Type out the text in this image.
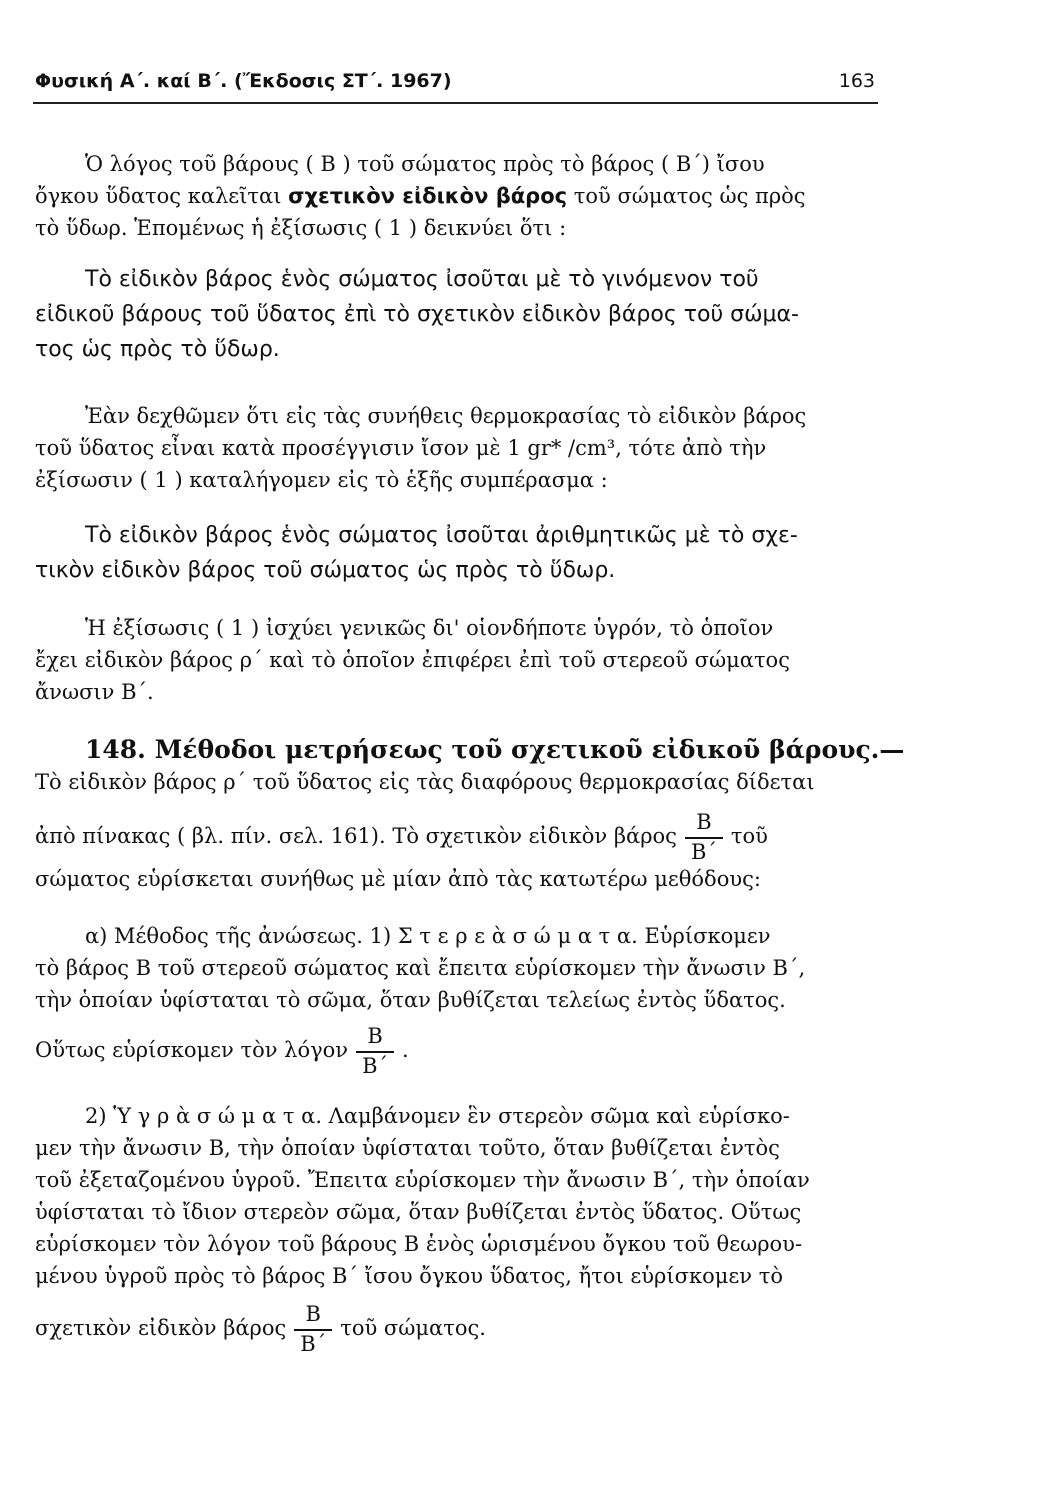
Φυσική Α΄. καί Β΄. (Ἔκδοσις ΣΤ΄. 1967)	163
Ὁ λόγος τοῦ βάρους ( Β ) τοῦ σώματος πρὸς τὸ βάρος ( Β΄) ἴσου
ὄγκου ὕδατος καλεῖται σχετικὸν εἰδικὸν βάρος τοῦ σώματος ὡς πρὸς
τὸ ὕδωρ. Ἑπομένως ἡ ἐξίσωσις ( 1 ) δεικνύει ὅτι :
Τὸ εἰδικὸν βάρος ἑνὸς σώματος ἰσοῦται μὲ τὸ γινόμενον τοῦ
εἰδικοῦ βάρους τοῦ ὕδατος ἐπὶ τὸ σχετικὸν εἰδικὸν βάρος τοῦ σώμα-
τος ὡς πρὸς τὸ ὕδωρ.
Ἐὰν δεχθῶμεν ὅτι εἰς τὰς συνήθεις θερμοκρασίας τὸ εἰδικὸν βάρος
τοῦ ὕδατος εἶναι κατὰ προσέγγισιν ἴσον μὲ 1 gr* /cm³, τότε ἀπὸ τὴν
ἐξίσωσιν ( 1 ) καταλήγομεν εἰς τὸ ἑξῆς συμπέρασμα :
Τὸ εἰδικὸν βάρος ἑνὸς σώματος ἰσοῦται ἀριθμητικῶς μὲ τὸ σχε-
τικὸν εἰδικὸν βάρος τοῦ σώματος ὡς πρὸς τὸ ὕδωρ.
Ἡ ἐξίσωσις ( 1 ) ἰσχύει γενικῶς δι' οἱονδήποτε ὑγρόν, τὸ ὁποῖον
ἔχει εἰδικὸν βάρος ρ΄ καὶ τὸ ὁποῖον ἐπιφέρει ἐπὶ τοῦ στερεοῦ σώματος
ἄνωσιν Β΄.
148. Μέθοδοι μετρήσεως τοῦ σχετικοῦ εἰδικοῦ βάρους.—
Τὸ εἰδικὸν βάρος ρ΄ τοῦ ὕδατος εἰς τὰς διαφόρους θερμοκρασίας δίδεται
ἀπὸ πίνακας ( βλ. πίν. σελ. 161). Τὸ σχετικὸν εἰδικὸν βάρος $\frac{B}{B΄}$ τοῦ
σώματος εὑρίσκεται συνήθως μὲ μίαν ἀπὸ τὰς κατωτέρω μεθόδους:
α) Μέθοδος τῆς ἀνώσεως. 1) Σ τ ε ρ ε ὰ σ ώ μ α τ α. Εὑρίσκομεν
τὸ βάρος Β τοῦ στερεοῦ σώματος καὶ ἔπειτα εὑρίσκομεν τὴν ἄνωσιν Β΄,
τὴν ὁποίαν ὑφίσταται τὸ σῶμα, ὅταν βυθίζεται τελείως ἐντὸς ὕδατος.
Οὕτως εὑρίσκομεν τὸν λόγον $\frac{B}{B΄}$ .
2) Ὑ γ ρ ὰ σ ώ μ α τ α. Λαμβάνομεν ἓν στερεὸν σῶμα καὶ εὑρίσκο-
μεν τὴν ἄνωσιν Β, τὴν ὁποίαν ὑφίσταται τοῦτο, ὅταν βυθίζεται ἐντὸς
τοῦ ἐξεταζομένου ὑγροῦ. Ἔπειτα εὑρίσκομεν τὴν ἄνωσιν Β΄, τὴν ὁποίαν
ὑφίσταται τὸ ἴδιον στερεὸν σῶμα, ὅταν βυθίζεται ἐντὸς ὕδατος. Οὕτως
εὑρίσκομεν τὸν λόγον τοῦ βάρους Β ἑνὸς ὡρισμένου ὄγκου τοῦ θεωρου-
μένου ὑγροῦ πρὸς τὸ βάρος Β΄ ἴσου ὄγκου ὕδατος, ἤτοι εὑρίσκομεν τὸ
σχετικὸν εἰδικὸν βάρος $\frac{B}{B΄}$ τοῦ σώματος.
